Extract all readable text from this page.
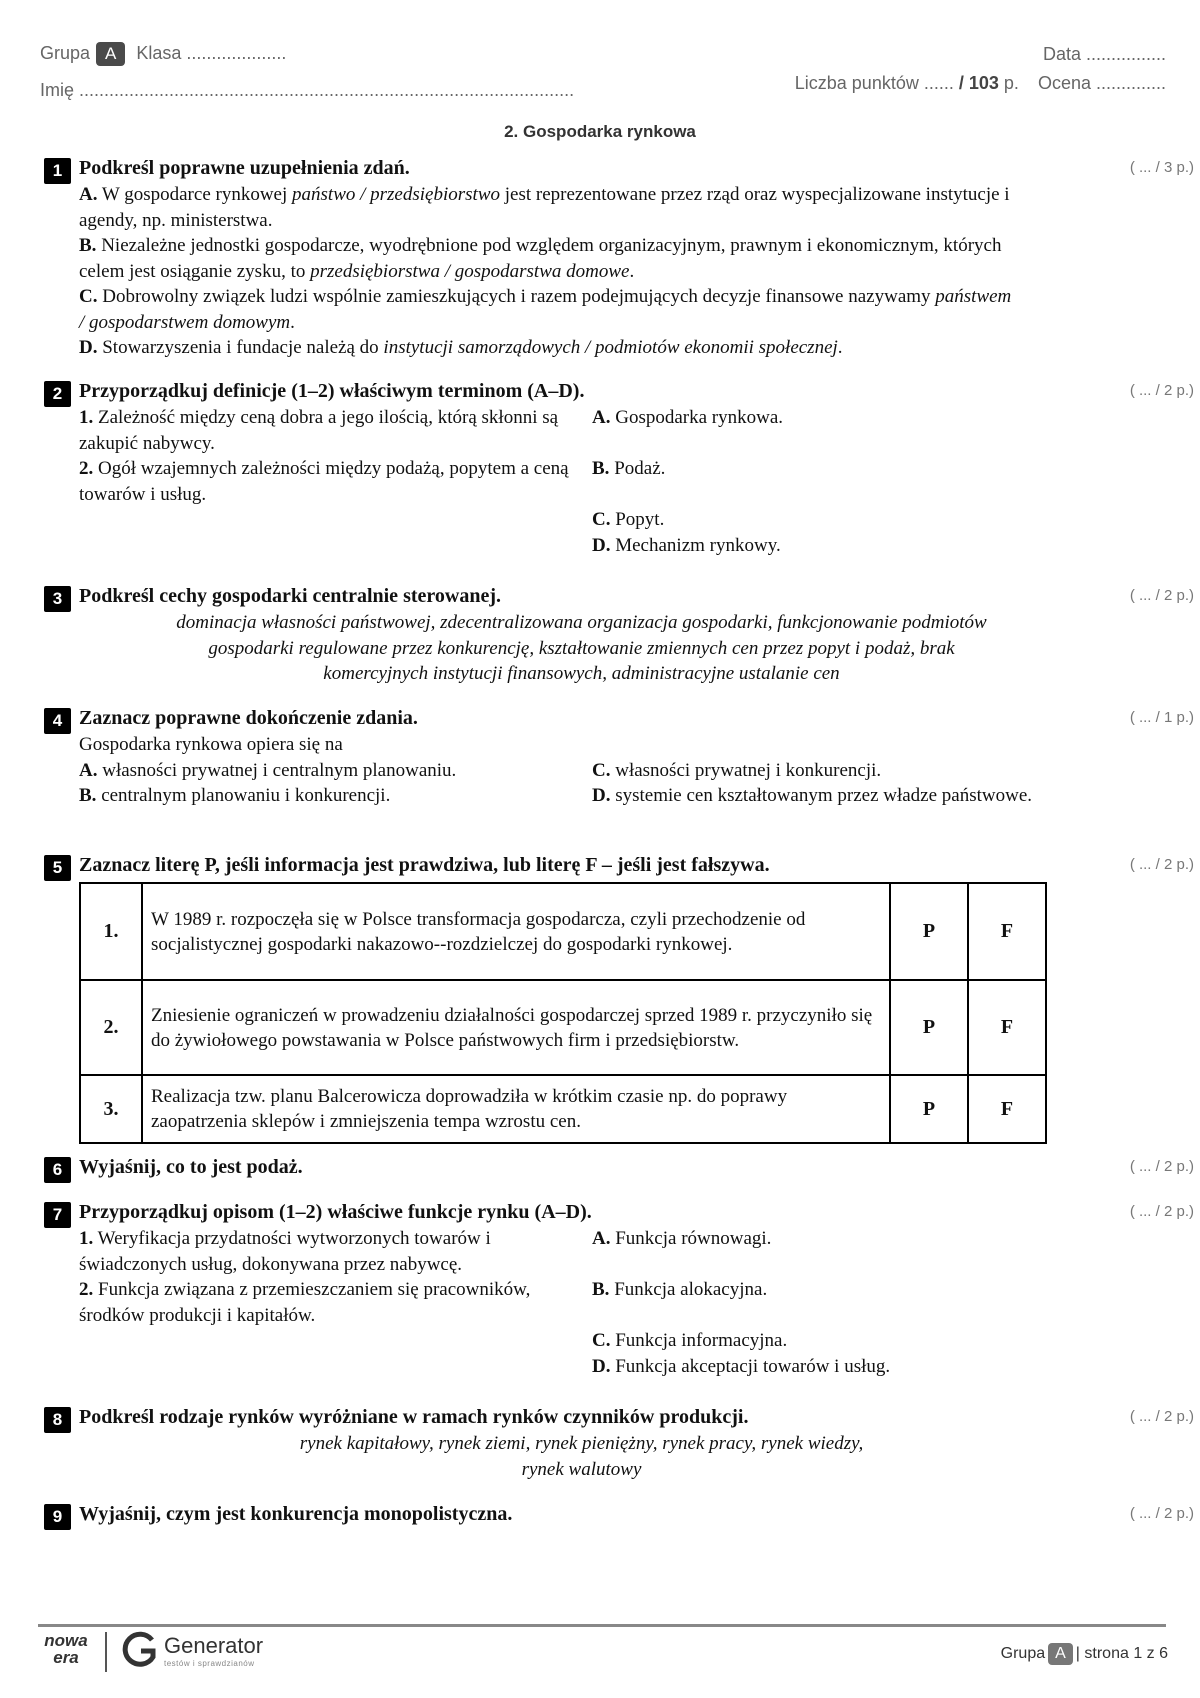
Grupa A Klasa ....................
Imię ...................................................................................................
Data ................
Liczba punktów ...... / 103 p. Ocena ..............
2. Gospodarka rynkowa
1 Podkreśl poprawne uzupełnienia zdań.	( ... / 3 p.)
A. W gospodarce rynkowej państwo / przedsiębiorstwo jest reprezentowane przez rząd oraz wyspecjalizowane instytucje i agendy, np. ministerstwa.
B. Niezależne jednostki gospodarcze, wyodrębnione pod względem organizacyjnym, prawnym i ekonomicznym, których celem jest osiąganie zysku, to przedsiębiorstwa / gospodarstwa domowe.
C. Dobrowolny związek ludzi wspólnie zamieszkujących i razem podejmujących decyzje finansowe nazywamy państwem / gospodarstwem domowym.
D. Stowarzyszenia i fundacje należą do instytucji samorządowych / podmiotów ekonomii społecznej.
2 Przyporządkuj definicje (1–2) właściwym terminom (A–D).	( ... / 2 p.)
1. Zależność między ceną dobra a jego ilością, którą skłonni są zakupić nabywcy.
2. Ogół wzajemnych zależności między podażą, popytem a ceną towarów i usług.
A. Gospodarka rynkowa.
B. Podaż.
C. Popyt.
D. Mechanizm rynkowy.
3 Podkreśl cechy gospodarki centralnie sterowanej.	( ... / 2 p.)
dominacja własności państwowej, zdecentralizowana organizacja gospodarki, funkcjonowanie podmiotów
gospodarki regulowane przez konkurencję, kształtowanie zmiennych cen przez popyt i podaż, brak
komercyjnych instytucji finansowych, administracyjne ustalanie cen
4 Zaznacz poprawne dokończenie zdania.	( ... / 1 p.)
Gospodarka rynkowa opiera się na
A. własności prywatnej i centralnym planowaniu.	C. własności prywatnej i konkurencji.
B. centralnym planowaniu i konkurencji.	D. systemie cen kształtowanym przez władze państwowe.
5 Zaznacz literę P, jeśli informacja jest prawdziwa, lub literę F – jeśli jest fałszywa.	( ... / 2 p.)
1.	W 1989 r. rozpoczęła się w Polsce transformacja gospodarcza, czyli przechodzenie od socjalistycznej gospodarki nakazowo--rozdzielczej do gospodarki rynkowej.	P	F
2.	Zniesienie ograniczeń w prowadzeniu działalności gospodarczej sprzed 1989 r. przyczyniło się do żywiołowego powstawania w Polsce państwowych firm i przedsiębiorstw.	P	F
3.	Realizacja tzw. planu Balcerowicza doprowadziła w krótkim czasie np. do poprawy zaopatrzenia sklepów i zmniejszenia tempa wzrostu cen.	P	F
6 Wyjaśnij, co to jest podaż.	( ... / 2 p.)
7 Przyporządkuj opisom (1–2) właściwe funkcje rynku (A–D).	( ... / 2 p.)
1. Weryfikacja przydatności wytworzonych towarów i świadczonych usług, dokonywana przez nabywcę.
2. Funkcja związana z przemieszczaniem się pracowników, środków produkcji i kapitałów.
A. Funkcja równowagi.
B. Funkcja alokacyjna.
C. Funkcja informacyjna.
D. Funkcja akceptacji towarów i usług.
8 Podkreśl rodzaje rynków wyróżniane w ramach rynków czynników produkcji.	( ... / 2 p.)
rynek kapitałowy, rynek ziemi, rynek pieniężny, rynek pracy, rynek wiedzy,
rynek walutowy
9 Wyjaśnij, czym jest konkurencja monopolistyczna.	( ... / 2 p.)
nowa
era	Generator
testów i sprawdzianów
Grupa A | strona 1 z 6
